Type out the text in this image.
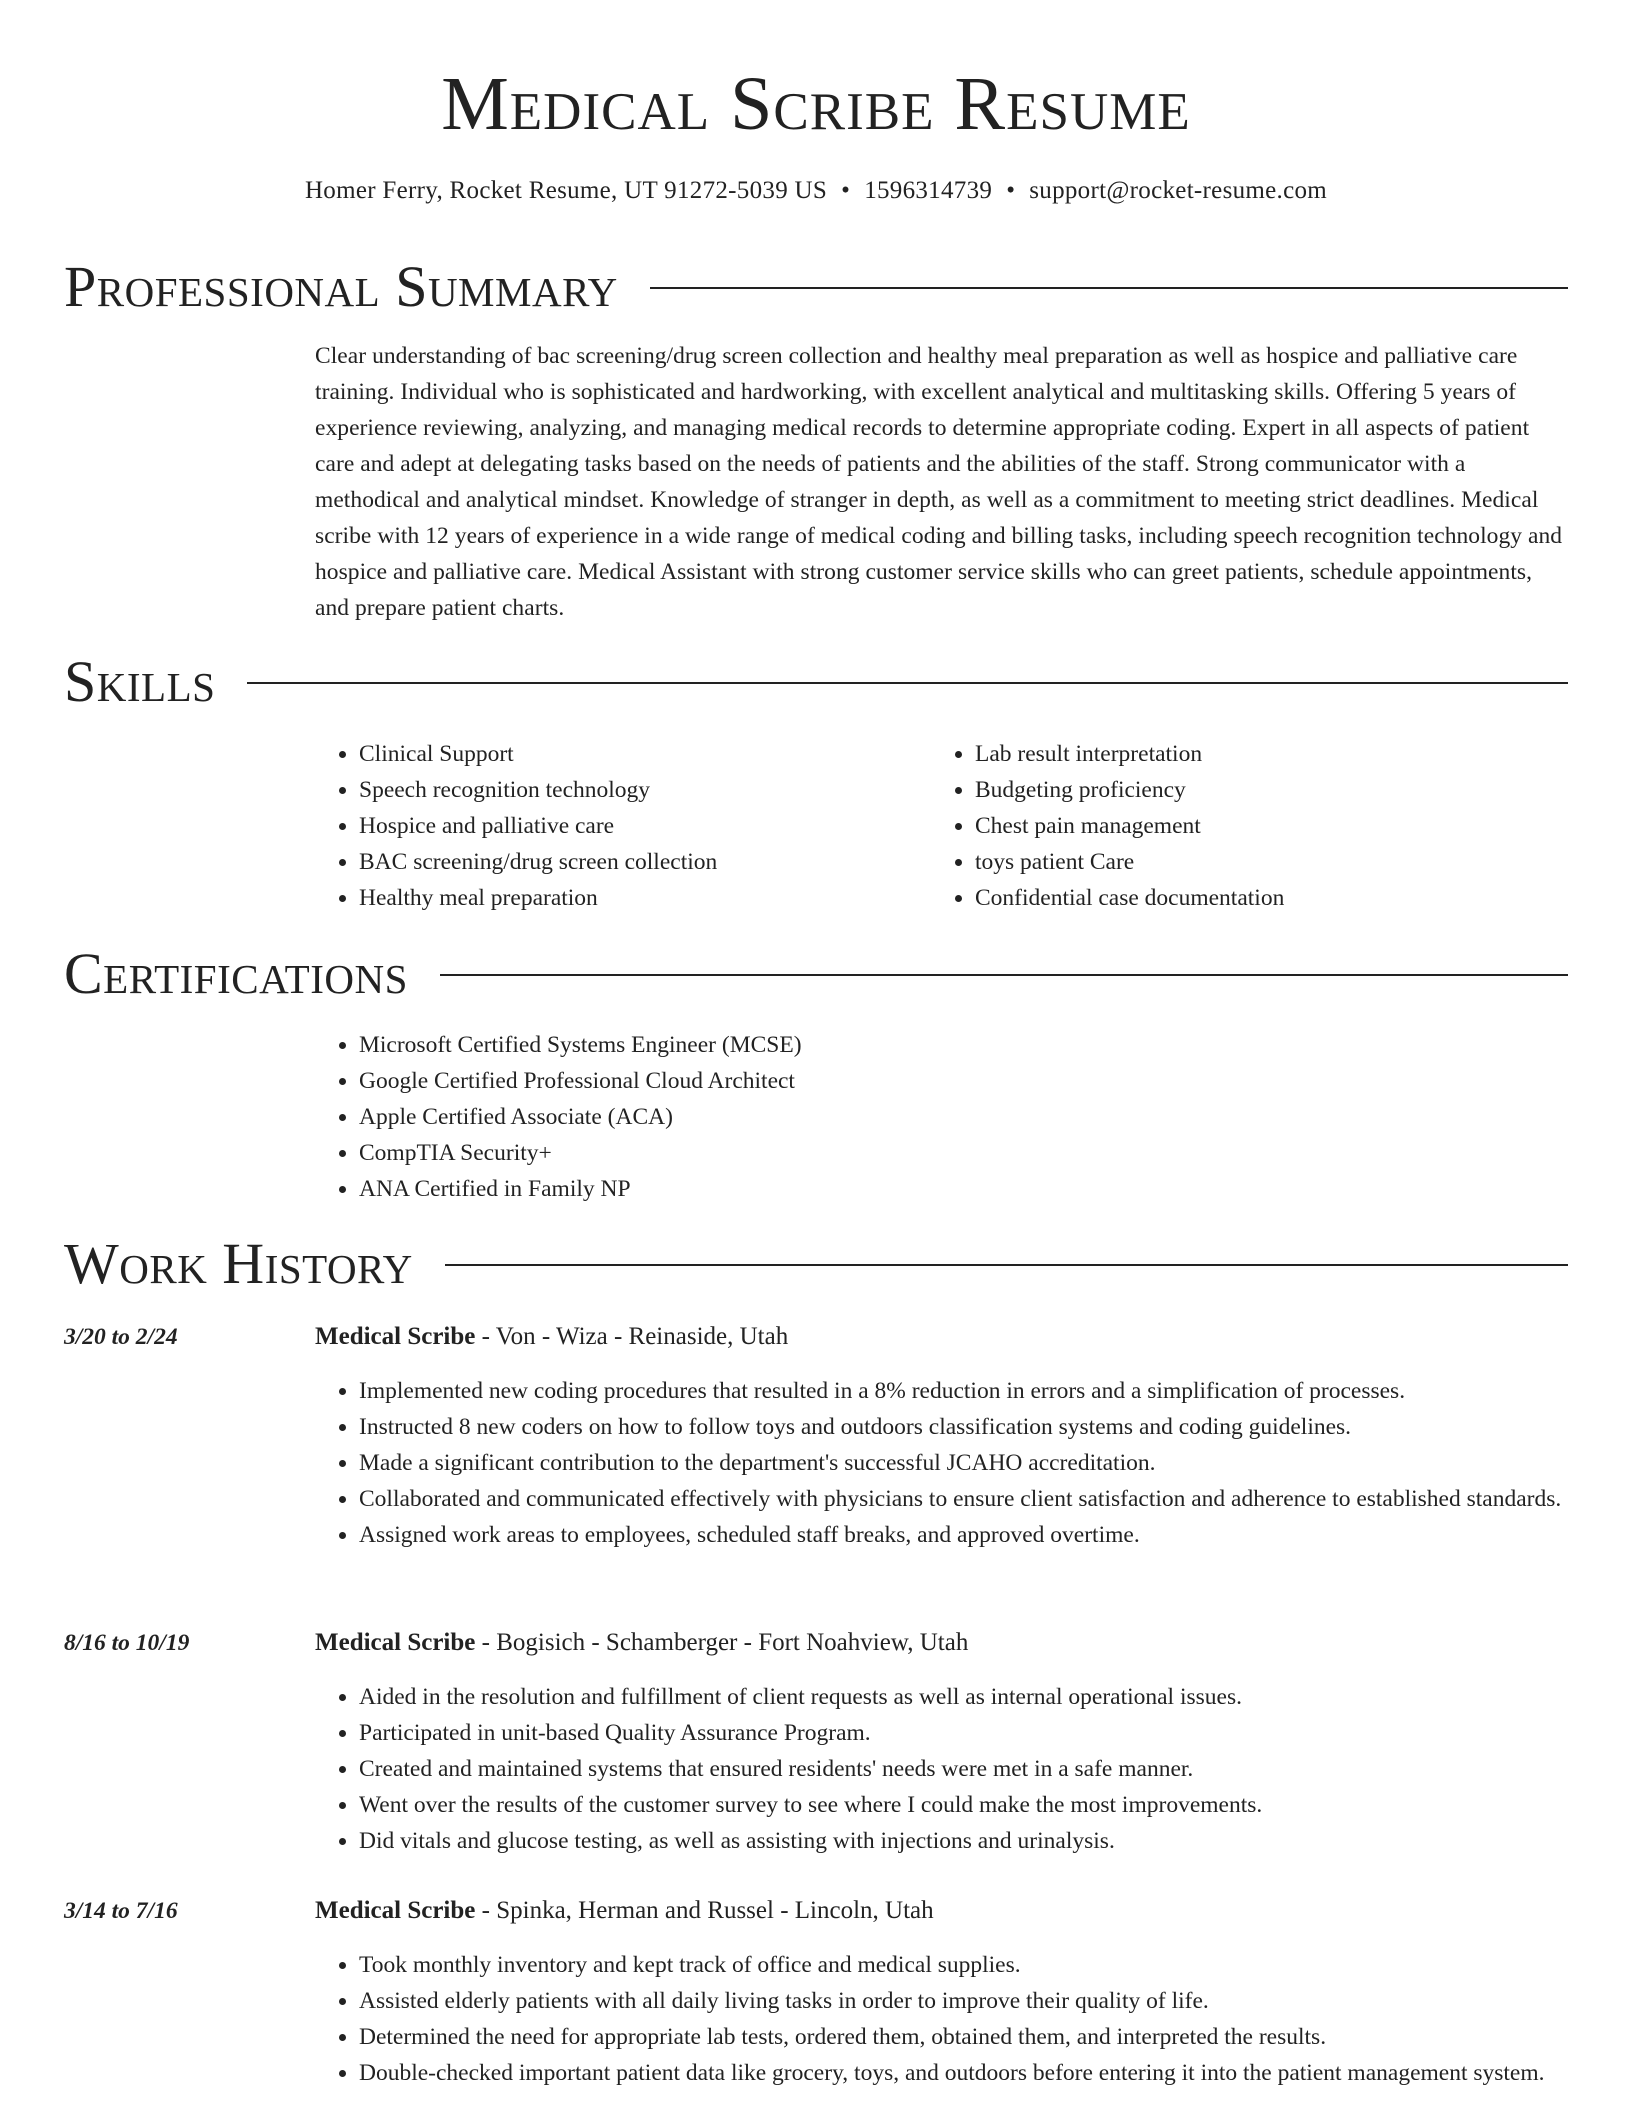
Medical Scribe Resume
Homer Ferry, Rocket Resume, UT 91272-5039 US • 1596314739 • support@rocket-resume.com
Professional Summary

Clear understanding of bac screening/drug screen collection and healthy meal preparation as well as hospice and palliative care training. Individual who is sophisticated and hardworking, with excellent analytical and multitasking skills. Offering 5 years of experience reviewing, analyzing, and managing medical records to determine appropriate coding. Expert in all aspects of patient care and adept at delegating tasks based on the needs of patients and the abilities of the staff. Strong communicator with a methodical and analytical mindset. Knowledge of stranger in depth, as well as a commitment to meeting strict deadlines. Medical scribe with 12 years of experience in a wide range of medical coding and billing tasks, including speech recognition technology and hospice and palliative care. Medical Assistant with strong customer service skills who can greet patients, schedule appointments, and prepare patient charts.

Skills
• Clinical Support
• Speech recognition technology
• Hospice and palliative care
• BAC screening/drug screen collection
• Healthy meal preparation
• Lab result interpretation
• Budgeting proficiency
• Chest pain management
• toys patient Care
• Confidential case documentation
Certifications
• Microsoft Certified Systems Engineer (MCSE)
• Google Certified Professional Cloud Architect
• Apple Certified Associate (ACA)
• CompTIA Security+
• ANA Certified in Family NP
Work History
3/20 to 2/24	Medical Scribe - Von - Wiza - Reinaside, Utah
• Implemented new coding procedures that resulted in a 8% reduction in errors and a simplification of processes.
• Instructed 8 new coders on how to follow toys and outdoors classification systems and coding guidelines.
• Made a significant contribution to the department's successful JCAHO accreditation.
• Collaborated and communicated effectively with physicians to ensure client satisfaction and adherence to established standards.
• Assigned work areas to employees, scheduled staff breaks, and approved overtime.
8/16 to 10/19	Medical Scribe - Bogisich - Schamberger - Fort Noahview, Utah
• Aided in the resolution and fulfillment of client requests as well as internal operational issues.
• Participated in unit-based Quality Assurance Program.
• Created and maintained systems that ensured residents' needs were met in a safe manner.
• Went over the results of the customer survey to see where I could make the most improvements.
• Did vitals and glucose testing, as well as assisting with injections and urinalysis.
3/14 to 7/16	Medical Scribe - Spinka, Herman and Russel - Lincoln, Utah
• Took monthly inventory and kept track of office and medical supplies.
• Assisted elderly patients with all daily living tasks in order to improve their quality of life.
• Determined the need for appropriate lab tests, ordered them, obtained them, and interpreted the results.
• Double-checked important patient data like grocery, toys, and outdoors before entering it into the patient management system.
